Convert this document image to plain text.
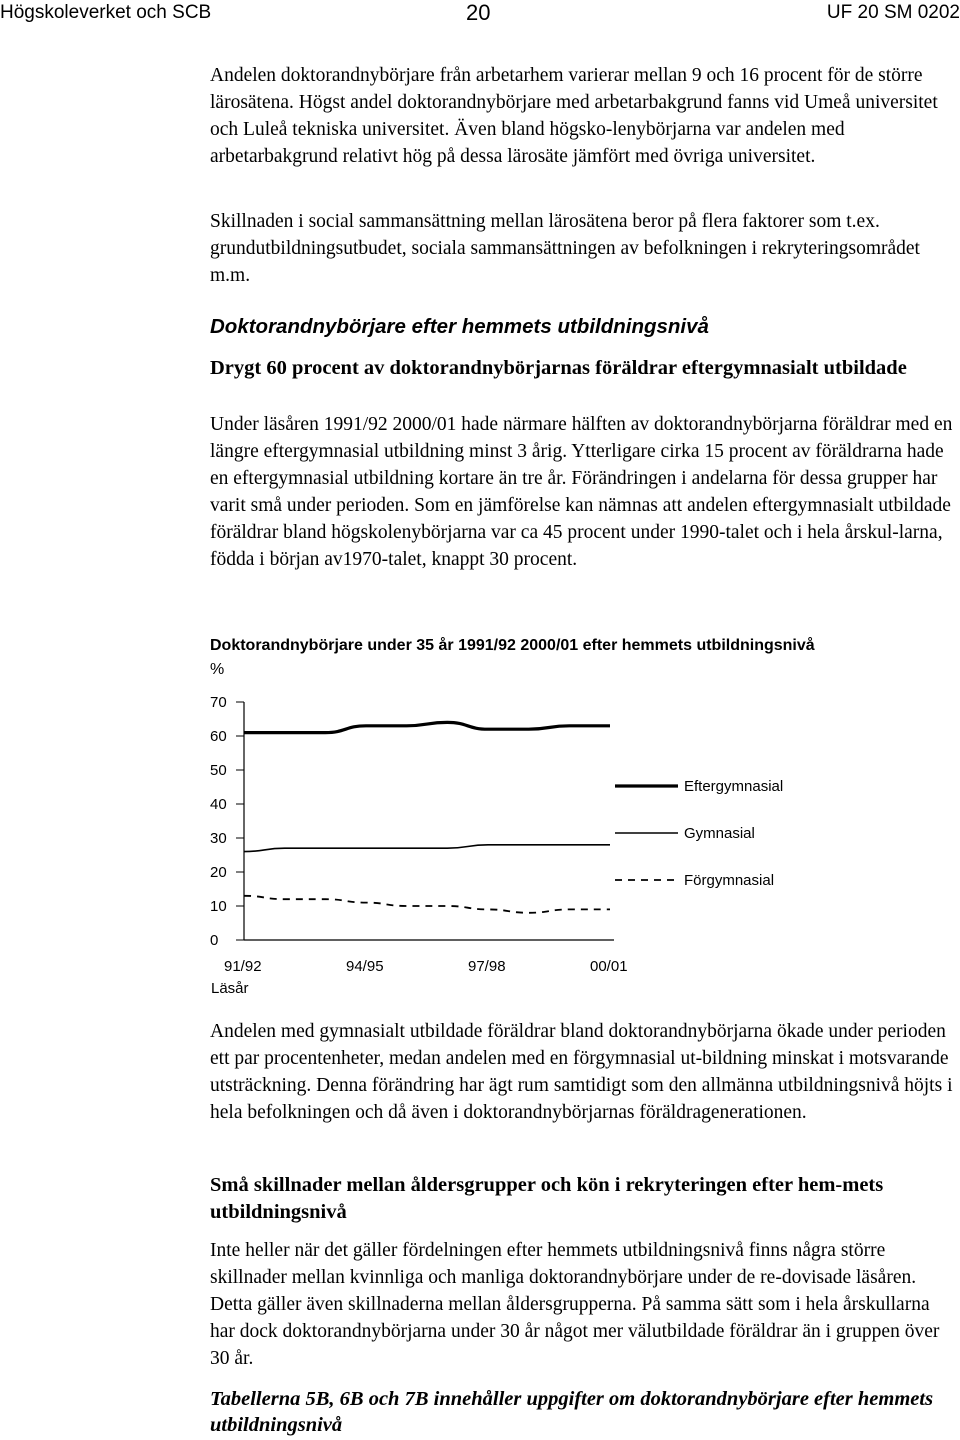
Högskoleverket och SCB	20	UF 20 SM 0202

Andelen doktorandnybörjare från arbetarhem varierar mellan 9 och 16 procent för de större lärosätena. Högst andel doktorandnybörjare med arbetarbakgrund fanns vid Umeå universitet och Luleå tekniska universitet. Även bland högsko-lenybörjarna var andelen med arbetarbakgrund relativt hög på dessa lärosäte jämfört med övriga universitet.

Skillnaden i social sammansättning mellan lärosätena beror på flera faktorer som t.ex. grundutbildningsutbudet, sociala sammansättningen av befolkningen i rekryteringsområdet m.m.

Doktorandnybörjare efter hemmets utbildningsnivå
Drygt 60 procent av doktorandnybörjarnas föräldrar eftergymnasialt utbildade

Under läsåren 1991/92 2000/01 hade närmare hälften av doktorandnybörjarna föräldrar med en längre eftergymnasial utbildning minst 3 årig. Ytterligare cirka 15 procent av föräldrarna hade en eftergymnasial utbildning kortare än tre år. Förändringen i andelarna för dessa grupper har varit små under perioden. Som en jämförelse kan nämnas att andelen eftergymnasialt utbildade föräldrar bland högskolenybörjarna var ca 45 procent under 1990-talet och i hela årskul-larna, födda i början av1970-talet, knappt 30 procent.

Doktorandnybörjare under 35 år 1991/92 2000/01 efter hemmets utbildningsnivå
%
0
10
20
30
40
50
60
70
91/92	94/95	97/98	00/01
Läsår
Eftergymnasial
Gymnasial
Förgymnasial

Andelen med gymnasialt utbildade föräldrar bland doktorandnybörjarna ökade under perioden ett par procentenheter, medan andelen med en förgymnasial ut-bildning minskat i motsvarande utsträckning. Denna förändring har ägt rum samtidigt som den allmänna utbildningsnivå höjts i hela befolkningen och då även i doktorandnybörjarnas föräldragenerationen.

Små skillnader mellan åldersgrupper och kön i rekryteringen efter hem-mets utbildningsnivå

Inte heller när det gäller fördelningen efter hemmets utbildningsnivå finns några större skillnader mellan kvinnliga och manliga doktorandnybörjare under de re-dovisade läsåren. Detta gäller även skillnaderna mellan åldersgrupperna. På samma sätt som i hela årskullarna har dock doktorandnybörjarna under 30 år något mer välutbildade föräldrar än i gruppen över 30 år.

Tabellerna 5B, 6B och 7B innehåller uppgifter om doktorandnybörjare efter hemmets utbildningsnivå
